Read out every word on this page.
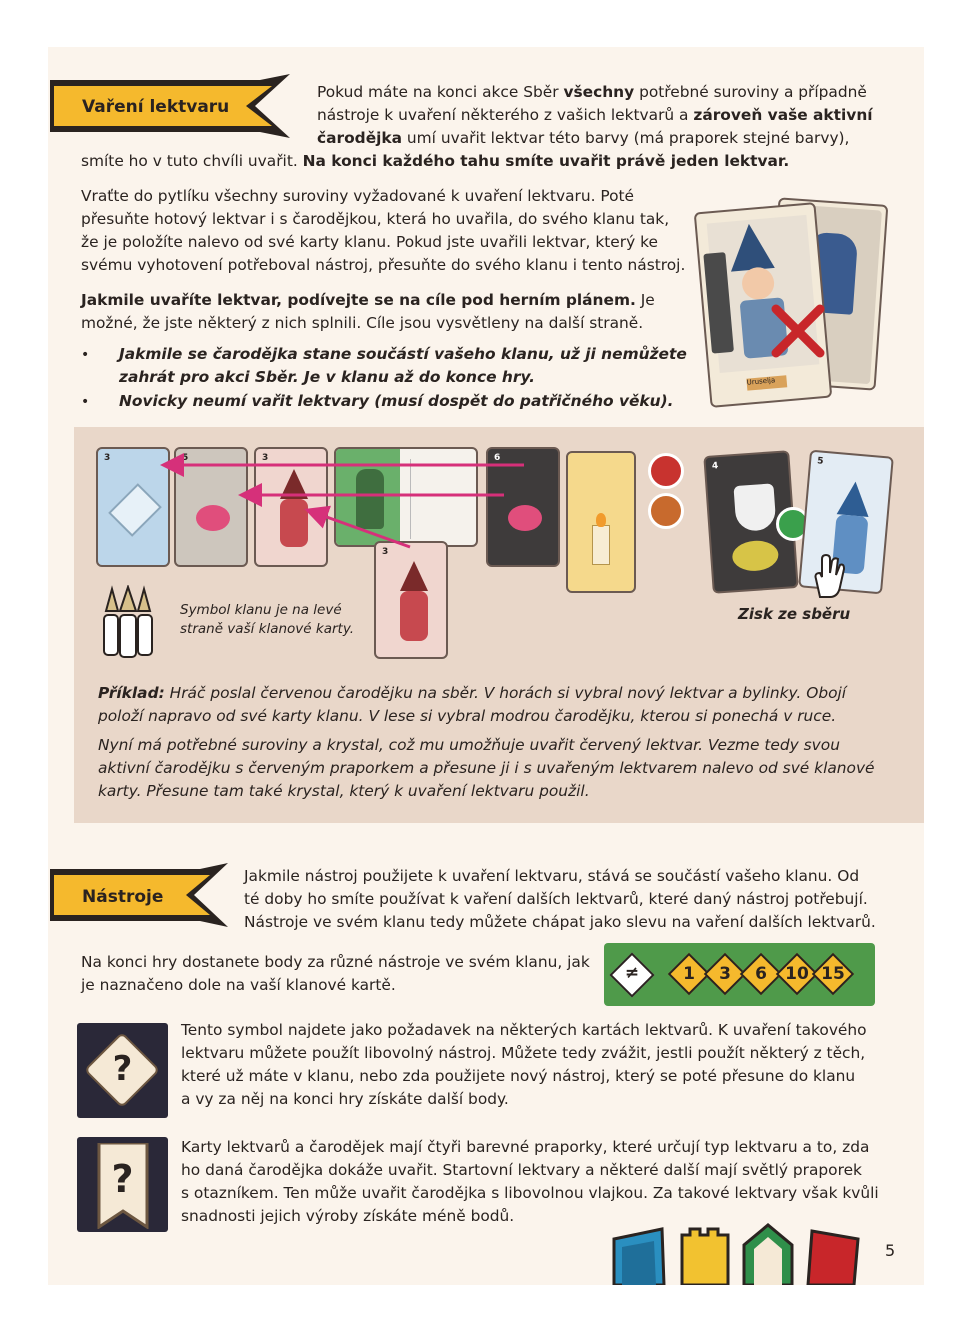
Vaření lektvaru
Pokud máte na konci akce Sběr všechny potřebné suroviny a případně
nástroje k uvaření některého z vašich lektvarů a zároveň vaše aktivní
čarodějka umí uvařit lektvar této barvy (má praporek stejné barvy),
smíte ho v tuto chvíli uvařit. Na konci každého tahu smíte uvařit právě jeden lektvar.
Vraťte do pytlíku všechny suroviny vyžadované k uvaření lektvaru. Poté
přesuňte hotový lektvar i s čarodějkou, která ho uvařila, do svého klanu tak,
že je položíte nalevo od své karty klanu. Pokud jste uvařili lektvar, který ke
svému vyhotovení potřeboval nástroj, přesuňte do svého klanu i tento nástroj.
Jakmile uvaříte lektvar, podívejte se na cíle pod herním plánem. Je
možné, že jste některý z nich splnili. Cíle jsou vysvětleny na další straně.
• Jakmile se čarodějka stane součástí vašeho klanu, už ji nemůžete
zahrát pro akci Sběr. Je v klanu až do konce hry.
• Novicky neumí vařit lektvary (musí dospět do patřičného věku).
Uruselja
3	5	3	6
4	5
3
Symbol klanu je na levé
straně vaší klanové karty.
Zisk ze sběru
Příklad: Hráč poslal červenou čarodějku na sběr. V horách si vybral nový lektvar a bylinky. Obojí
položí napravo od své karty klanu. V lese si vybral modrou čarodějku, kterou si ponechá v ruce.
Nyní má potřebné suroviny a krystal, což mu umožňuje uvařit červený lektvar. Vezme tedy svou
aktivní čarodějku s červeným praporkem a přesune ji i s uvařeným lektvarem nalevo od své klanové
karty. Přesune tam také krystal, který k uvaření lektvaru použil.
Nástroje
Jakmile nástroj použijete k uvaření lektvaru, stává se součástí vašeho klanu. Od
té doby ho smíte používat k vaření dalších lektvarů, které daný nástroj potřebují.
Nástroje ve svém klanu tedy můžete chápat jako slevu na vaření dalších lektvarů.
Na konci hry dostanete body za různé nástroje ve svém klanu, jak
je naznačeno dole na vaší klanové kartě.
≠	1	3	6	10 15
?
Tento symbol najdete jako požadavek na některých kartách lektvarů. K uvaření takového
lektvaru můžete použít libovolný nástroj. Můžete tedy zvážit, jestli použít některý z těch,
které už máte v klanu, nebo zda použijete nový nástroj, který se poté přesune do klanu
a vy za něj na konci hry získáte další body.
?
Karty lektvarů a čarodějek mají čtyři barevné praporky, které určují typ lektvaru a to, zda
ho daná čarodějka dokáže uvařit. Startovní lektvary a některé další mají světlý praporek
s otazníkem. Ten může uvařit čarodějka s libovolnou vlajkou. Za takové lektvary však kvůli
snadnosti jejich výroby získáte méně bodů.
5
